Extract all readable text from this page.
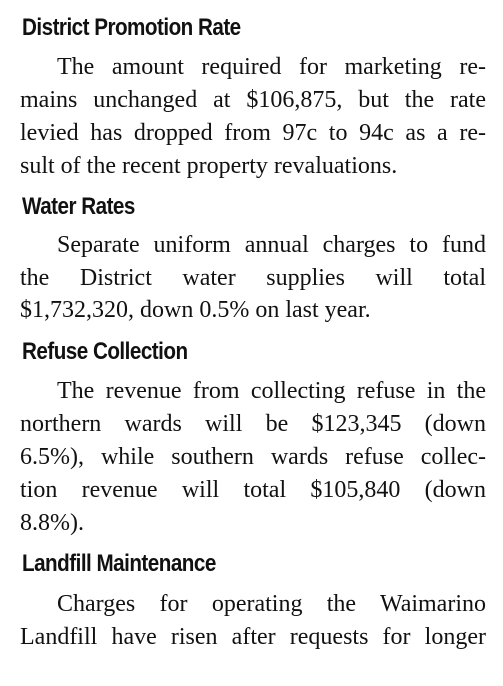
District Promotion Rate
The amount required for marketing re-
mains unchanged at $106,875, but the rate
levied has dropped from 97c to 94c as a re-
sult of the recent property revaluations.
Water Rates
Separate uniform annual charges to fund
the District water supplies will total
$1,732,320, down 0.5% on last year.
Refuse Collection
The revenue from collecting refuse in the
northern wards will be $123,345 (down
6.5%), while southern wards refuse collec-
tion revenue will total $105,840 (down
8.8%).
Landfill Maintenance
Charges for operating the Waimarino
Landfill have risen after requests for longer
